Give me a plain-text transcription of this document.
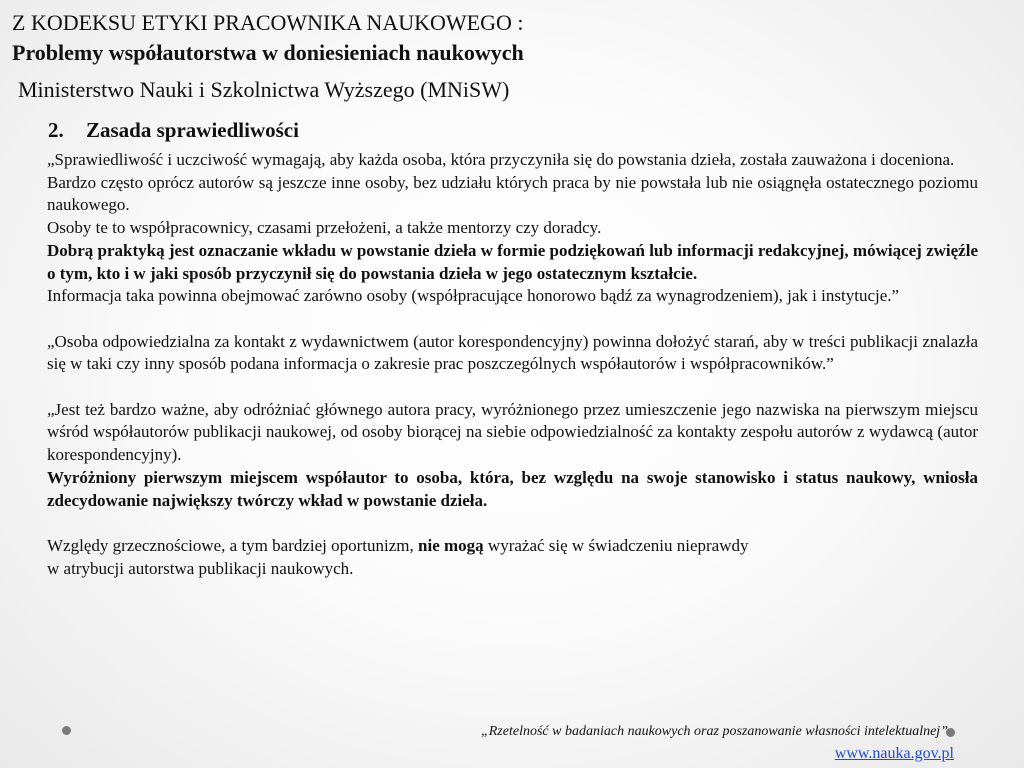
Z KODEKSU ETYKI PRACOWNIKA NAUKOWEGO :
Problemy współautorstwa w doniesieniach naukowych
Ministerstwo Nauki i Szkolnictwa Wyższego (MNiSW)
2. Zasada sprawiedliwości

„Sprawiedliwość i uczciwość wymagają, aby każda osoba, która przyczyniła się do powstania dzieła, została zauważona i doceniona.

Bardzo często oprócz autorów są jeszcze inne osoby, bez udziału których praca by nie powstała lub nie osiągnęła ostatecznego poziomu naukowego.

Osoby te to współpracownicy, czasami przełożeni, a także mentorzy czy doradcy.

Dobrą praktyką jest oznaczanie wkładu w powstanie dzieła w formie podziękowań lub informacji redakcyjnej, mówiącej zwięźle o tym, kto i w jaki sposób przyczynił się do powstania dzieła w jego ostatecznym kształcie.

Informacja taka powinna obejmować zarówno osoby (współpracujące honorowo bądź za wynagrodzeniem), jak i instytucje.”

„Osoba odpowiedzialna za kontakt z wydawnictwem (autor korespondencyjny) powinna dołożyć starań, aby w treści publikacji znalazła się w taki czy inny sposób podana informacja o zakresie prac poszczególnych współautorów i współpracowników.”

„Jest też bardzo ważne, aby odróżniać głównego autora pracy, wyróżnionego przez umieszczenie jego nazwiska na pierwszym miejscu wśród współautorów publikacji naukowej, od osoby biorącej na siebie odpowiedzialność za kontakty zespołu autorów z wydawcą (autor korespondencyjny).

Wyróżniony pierwszym miejscem współautor to osoba, która, bez względu na swoje stanowisko i status naukowy, wniosła zdecydowanie największy twórczy wkład w powstanie dzieła.

Względy grzecznościowe, a tym bardziej oportunizm, nie mogą wyrażać się w świadczeniu nieprawdy
w atrybucji autorstwa publikacji naukowych.

„Rzetelność w badaniach naukowych oraz poszanowanie własności intelektualnej”
www.nauka.gov.pl
